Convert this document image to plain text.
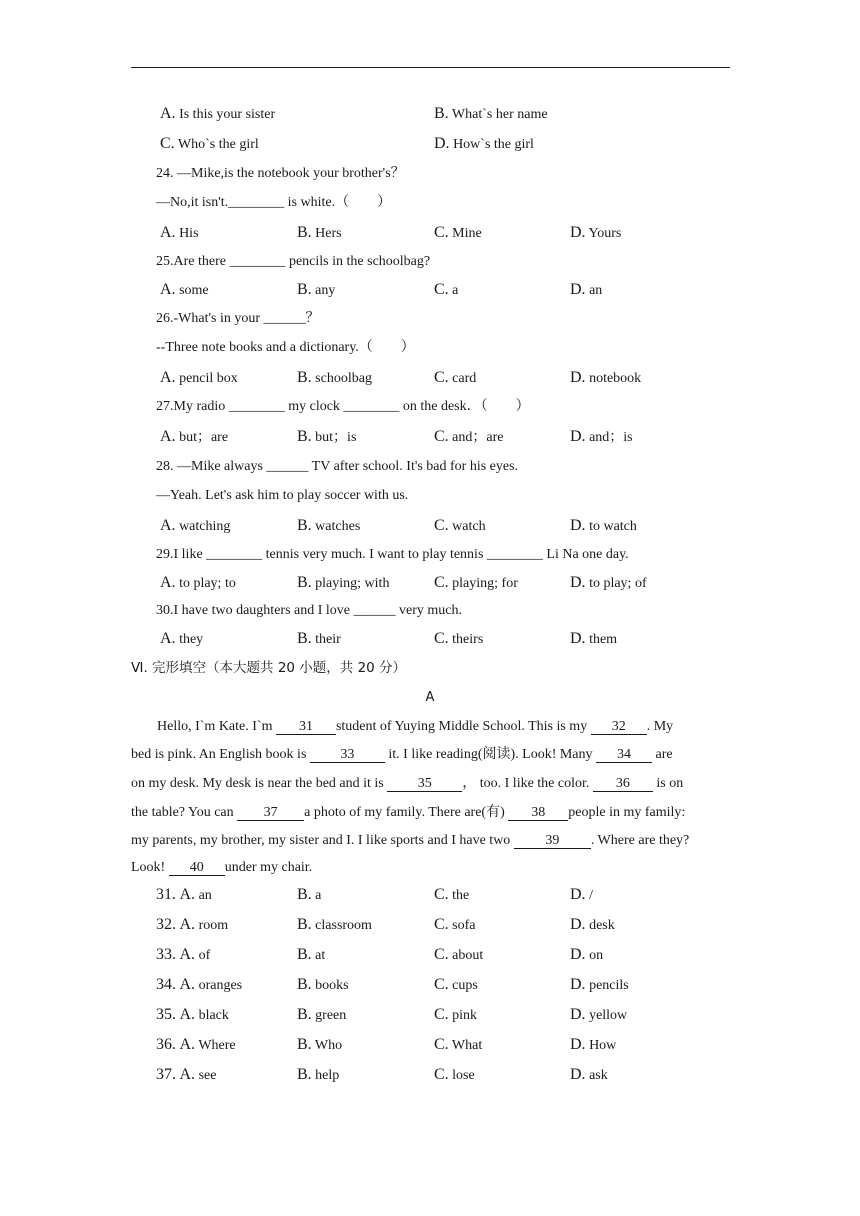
A. Is this your sister	B. What`s her name
C. Who`s the girl	D. How`s the girl
24. —Mike,is the notebook your brother's？
—No,it isn't.________ is white.（　　）
A. His	B. Hers	C. Mine	D. Yours
25.Are there ________ pencils in the schoolbag?
A. some	B. any	C. a	D. an
26.-What's in your ______？
--Three note books and a dictionary.（　　）
A. pencil box	B. schoolbag	C. card	D. notebook
27.My radio ________ my clock ________ on the desk．（　　）
A. but；are	B. but；is	C. and；are	D. and；is
28. —Mike always ______ TV after school. It's bad for his eyes.
—Yeah. Let's ask him to play soccer with us.
A. watching	B. watches	C. watch	D. to watch
29.I like ________ tennis very much. I want to play tennis ________ Li Na one day.
A. to play; to	B. playing; with	C. playing; for	D. to play; of
30.I have two daughters and I love ______ very much.
A. they	B. their	C. theirs	D. them
Ⅵ. 完形填空（本大题共 20 小题，共 20 分）
A
Hello, I`m Kate. I`m 31 student of Yuying Middle School. This is my 32 . My
bed is pink. An English book is 33 it. I like reading(阅读). Look! Many 34 are
on my desk. My desk is near the bed and it is 35 ， too. I like the color. 36 is on
the table? You can 37 a photo of my family. There are(有) 38 people in my family:
my parents, my brother, my sister and I. I like sports and I have two 39 . Where are they?
Look! 40 under my chair.
31. A. an	B. a	C. the	D. /
32. A. room	B. classroom	C. sofa	D. desk
33. A. of	B. at	C. about	D. on
34. A. oranges	B. books	C. cups	D. pencils
35. A. black	B. green	C. pink	D. yellow
36. A. Where	B. Who	C. What	D. How
37. A. see	B. help	C. lose	D. ask
